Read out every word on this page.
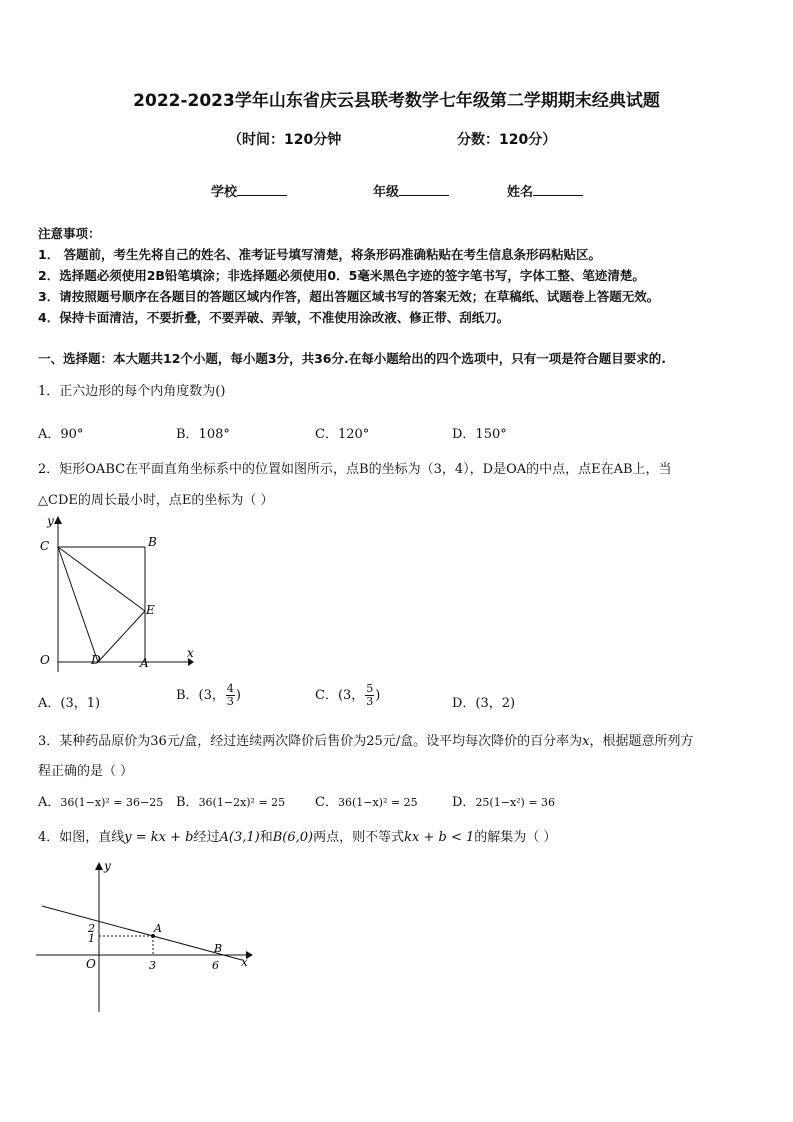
2022-2023学年山东省庆云县联考数学七年级第二学期期末经典试题
（时间：120分钟	分数：120分）
学校	年级	姓名
注意事项：
1． 答题前，考生先将自己的姓名、准考证号填写清楚，将条形码准确粘贴在考生信息条形码粘贴区。
2．选择题必须使用2B铅笔填涂；非选择题必须使用0．5毫米黑色字迹的签字笔书写，字体工整、笔迹清楚。
3．请按照题号顺序在各题目的答题区域内作答，超出答题区域书写的答案无效；在草稿纸、试题卷上答题无效。
4．保持卡面清洁，不要折叠，不要弄破、弄皱，不准使用涂改液、修正带、刮纸刀。
一、选择题：本大题共12个小题，每小题3分，共36分.在每小题给出的四个选项中，只有一项是符合题目要求的.
1．正六边形的每个内角度数为()
A．90°	B．108°	C．120°	D．150°
2．矩形OABC在平面直角坐标系中的位置如图所示，点B的坐标为（3，4），D是OA的中点，点E在AB上，当
△CDE的周长最小时，点E的坐标为（ ）
y
x
C	B
E
O	D	A
A．(3，1)
B．(3， $\frac{4}{3}$ )	C．(3， $\frac{5}{3}$ )
D．(3，2)
3．某种药品原价为36元/盒，经过连续两次降价后售价为25元/盒。设平均每次降价的百分率为x，根据题意所列方
程正确的是（ ）
A．36(1−x)² = 36−25 B．36(1−2x)² = 25 C．36(1−x)² = 25	D．25(1−x²) = 36
4．如图，直线y = kx + b经过A(3,1)和B(6,0)两点，则不等式kx + b < 1的解集为（ ）
y
x
A
B
O
2
1
3	6
